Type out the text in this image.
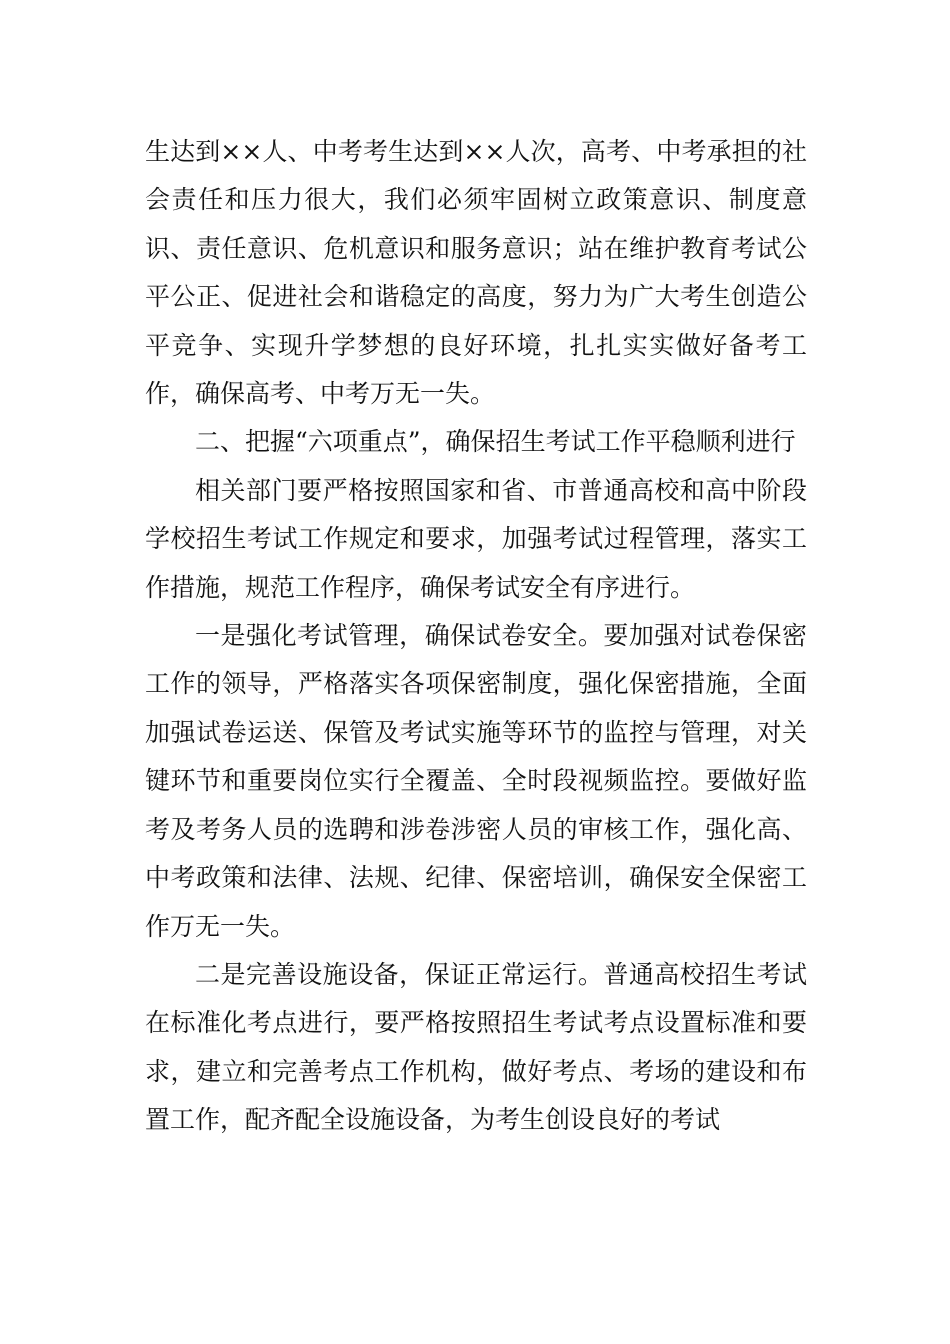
生达到××人、中考考生达到××人次，高考、中考承担的社会责任和压力很大，我们必须牢固树立政策意识、制度意识、责任意识、危机意识和服务意识；站在维护教育考试公平公正、促进社会和谐稳定的高度，努力为广大考生创造公平竞争、实现升学梦想的良好环境，扎扎实实做好备考工作，确保高考、中考万无一失。

二、把握“六项重点”，确保招生考试工作平稳顺利进行

相关部门要严格按照国家和省、市普通高校和高中阶段学校招生考试工作规定和要求，加强考试过程管理，落实工作措施，规范工作程序，确保考试安全有序进行。

一是强化考试管理，确保试卷安全。要加强对试卷保密工作的领导，严格落实各项保密制度，强化保密措施，全面加强试卷运送、保管及考试实施等环节的监控与管理，对关键环节和重要岗位实行全覆盖、全时段视频监控。要做好监考及考务人员的选聘和涉卷涉密人员的审核工作，强化高、中考政策和法律、法规、纪律、保密培训，确保安全保密工作万无一失。

二是完善设施设备，保证正常运行。普通高校招生考试在标准化考点进行，要严格按照招生考试考点设置标准和要求，建立和完善考点工作机构，做好考点、考场的建设和布置工作，配齐配全设施设备，为考生创设良好的考试
